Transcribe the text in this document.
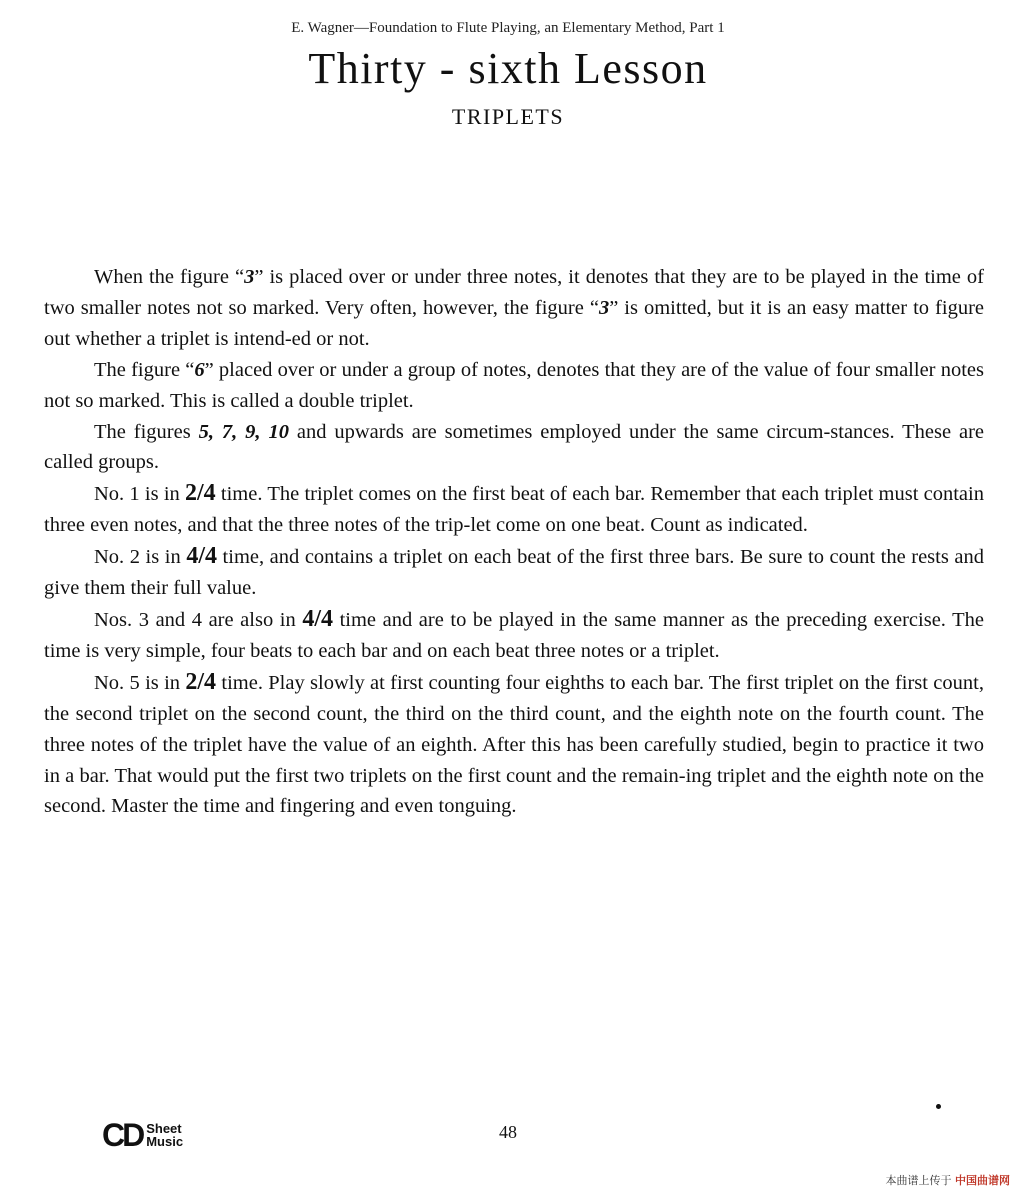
E. Wagner—Foundation to Flute Playing, an Elementary Method, Part 1
Thirty - sixth Lesson
TRIPLETS

When the figure “3” is placed over or under three notes, it denotes that they are to be played in the time of two smaller notes not so marked. Very often, however, the figure “3” is omitted, but it is an easy matter to figure out whether a triplet is intend-ed or not.

The figure “6” placed over or under a group of notes, denotes that they are of the value of four smaller notes not so marked. This is called a double triplet.

The figures 5, 7, 9, 10 and upwards are sometimes employed under the same circum-stances. These are called groups.

No. 1 is in 2/4 time. The triplet comes on the first beat of each bar. Remember that each triplet must contain three even notes, and that the three notes of the trip-let come on one beat. Count as indicated.

No. 2 is in 4/4 time, and contains a triplet on each beat of the first three bars. Be sure to count the rests and give them their full value.

Nos. 3 and 4 are also in 4/4 time and are to be played in the same manner as the preceding exercise. The time is very simple, four beats to each bar and on each beat three notes or a triplet.

No. 5 is in 2/4 time. Play slowly at first counting four eighths to each bar. The first triplet on the first count, the second triplet on the second count, the third on the third count, and the eighth note on the fourth count. The three notes of the triplet have the value of an eighth. After this has been carefully studied, begin to practice it two in a bar. That would put the first two triplets on the first count and the remain-ing triplet and the eighth note on the second. Master the time and fingering and even tonguing.

CD Sheet
Music	48
本曲谱上传于 中国曲谱网
